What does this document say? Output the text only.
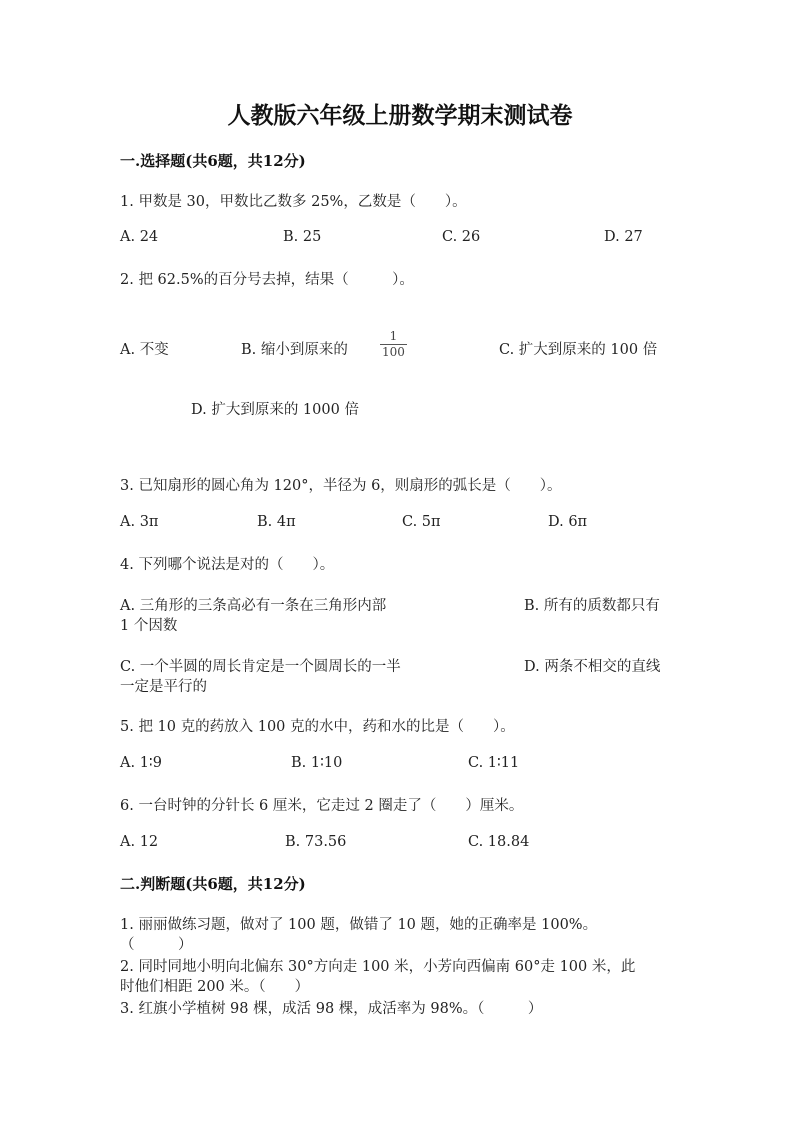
人教版六年级上册数学期末测试卷
一.选择题(共6题，共12分)
1. 甲数是 30，甲数比乙数多 25%，乙数是（　　）。
A. 24	B. 25	C. 26	D. 27
2. 把 62.5%的百分号去掉，结果（　　　）。
A. 不变	B. 缩小到原来的
1
100	C. 扩大到原来的 100 倍
D. 扩大到原来的 1000 倍
3. 已知扇形的圆心角为 120°，半径为 6，则扇形的弧长是（　　）。
A. 3π	B. 4π	C. 5π	D. 6π
4. 下列哪个说法是对的（　　）。
A. 三角形的三条高必有一条在三角形内部	B. 所有的质数都只有
1 个因数
C. 一个半圆的周长肯定是一个圆周长的一半	D. 两条不相交的直线
一定是平行的
5. 把 10 克的药放入 100 克的水中，药和水的比是（　　）。
A. 1∶9	B. 1∶10	C. 1∶11
6. 一台时钟的分针长 6 厘米，它走过 2 圈走了（　　）厘米。
A. 12	B. 73.56	C. 18.84
二.判断题(共6题，共12分)
1. 丽丽做练习题，做对了 100 题，做错了 10 题，她的正确率是 100%。
（　　　）
2. 同时同地小明向北偏东 30°方向走 100 米，小芳向西偏南 60°走 100 米，此
时他们相距 200 米。（　　）
3. 红旗小学植树 98 棵，成活 98 棵，成活率为 98%。（　　　）
